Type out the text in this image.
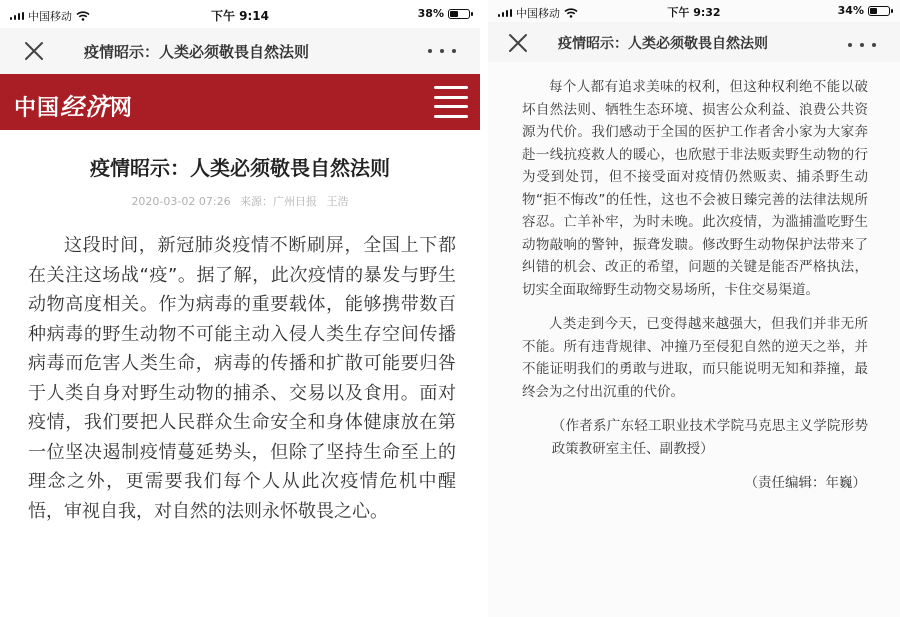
中国移动	下午 9:14	38%
疫情昭示：人类必须敬畏自然法则
中国经济网
疫情昭示：人类必须敬畏自然法则
2020-03-02 07:26 来源：广州日报 王浩

这段时间，新冠肺炎疫情不断刷屏，全国上下都在关注这场战“疫”。据了解，此次疫情的暴发与野生动物高度相关。作为病毒的重要载体，能够携带数百种病毒的野生动物不可能主动入侵人类生存空间传播病毒而危害人类生命，病毒的传播和扩散可能要归咎于人类自身对野生动物的捕杀、交易以及食用。面对疫情，我们要把人民群众生命安全和身体健康放在第一位坚决遏制疫情蔓延势头，但除了坚持生命至上的理念之外，更需要我们每个人从此次疫情危机中醒悟，审视自我，对自然的法则永怀敬畏之心。

中国移动	下午 9:32	34%
疫情昭示：人类必须敬畏自然法则

每个人都有追求美味的权利，但这种权利绝不能以破坏自然法则、牺牲生态环境、损害公众利益、浪费公共资源为代价。我们感动于全国的医护工作者舍小家为大家奔赴一线抗疫救人的暖心，也欣慰于非法贩卖野生动物的行为受到处罚，但不接受面对疫情仍然贩卖、捕杀野生动物“拒不悔改”的任性，这也不会被日臻完善的法律法规所容忍。亡羊补牢，为时未晚。此次疫情，为滥捕滥吃野生动物敲响的警钟，振聋发聩。修改野生动物保护法带来了纠错的机会、改正的希望，问题的关键是能否严格执法，切实全面取缔野生动物交易场所，卡住交易渠道。

人类走到今天，已变得越来越强大，但我们并非无所不能。所有违背规律、冲撞乃至侵犯自然的逆天之举，并不能证明我们的勇敢与进取，而只能说明无知和莽撞，最终会为之付出沉重的代价。

（作者系广东轻工职业技术学院马克思主义学院形势政策教研室主任、副教授）

（责任编辑：年巍）
